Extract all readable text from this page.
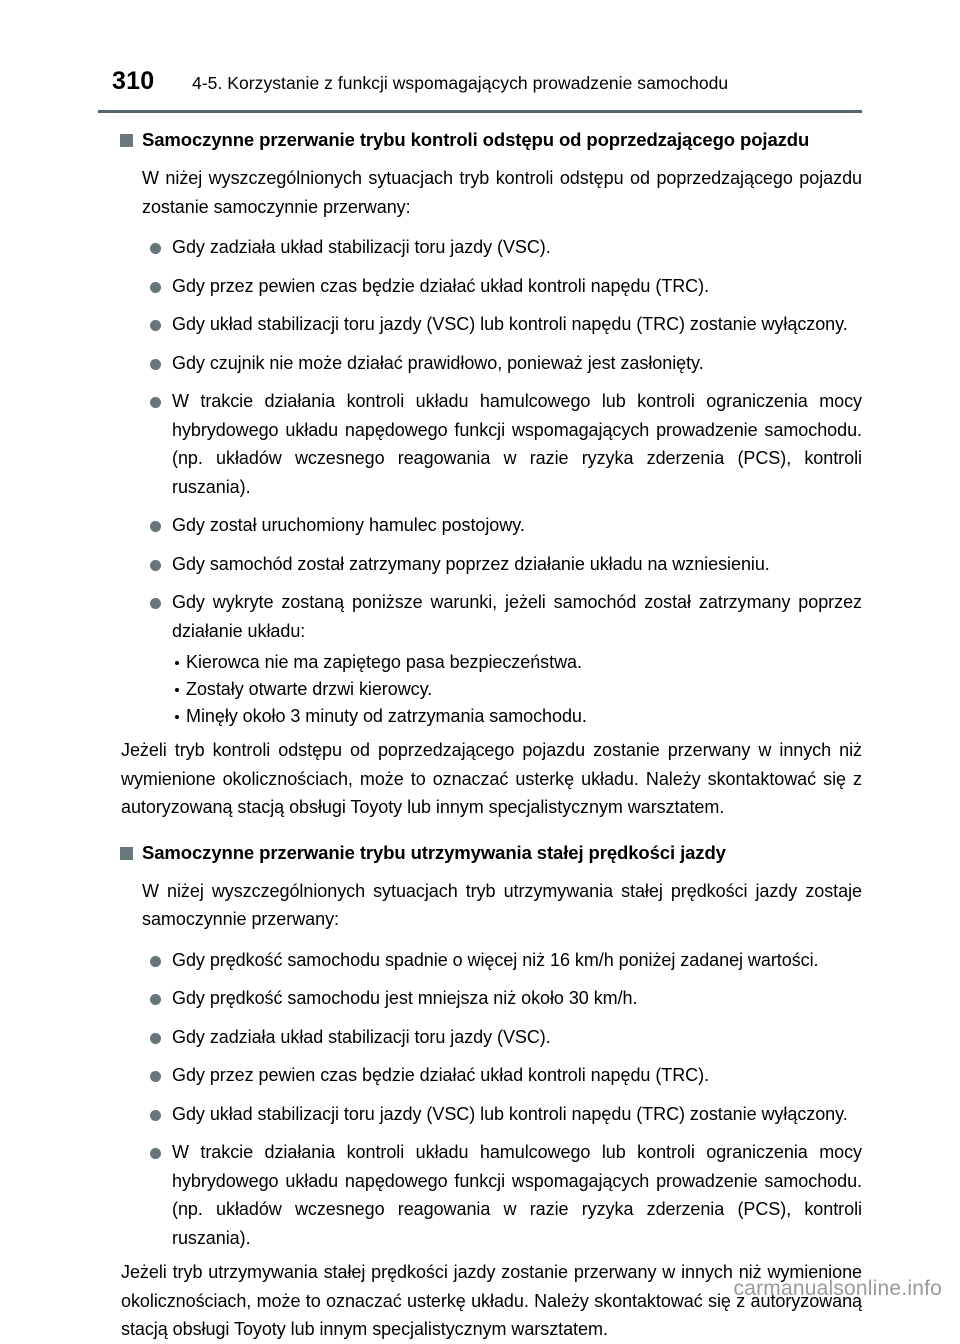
310 4-5. Korzystanie z funkcji wspomagających prowadzenie samochodu
Samoczynne przerwanie trybu kontroli odstępu od poprzedzającego pojazdu
W niżej wyszczególnionych sytuacjach tryb kontroli odstępu od poprzedzającego pojazdu zostanie samoczynnie przerwany:
Gdy zadziała układ stabilizacji toru jazdy (VSC).
Gdy przez pewien czas będzie działać układ kontroli napędu (TRC).
Gdy układ stabilizacji toru jazdy (VSC) lub kontroli napędu (TRC) zostanie wyłączony.
Gdy czujnik nie może działać prawidłowo, ponieważ jest zasłonięty.
W trakcie działania kontroli układu hamulcowego lub kontroli ograniczenia mocy hybrydowego układu napędowego funkcji wspomagających prowadzenie samochodu. (np. układów wczesnego reagowania w razie ryzyka zderzenia (PCS), kontroli ruszania).
Gdy został uruchomiony hamulec postojowy.
Gdy samochód został zatrzymany poprzez działanie układu na wzniesieniu.
Gdy wykryte zostaną poniższe warunki, jeżeli samochód został zatrzymany poprzez działanie układu:
Kierowca nie ma zapiętego pasa bezpieczeństwa.
Zostały otwarte drzwi kierowcy.
Minęły około 3 minuty od zatrzymania samochodu.
Jeżeli tryb kontroli odstępu od poprzedzającego pojazdu zostanie przerwany w innych niż wymienione okolicznościach, może to oznaczać usterkę układu. Należy skontaktować się z autoryzowaną stacją obsługi Toyoty lub innym specjalistycznym warsztatem.
Samoczynne przerwanie trybu utrzymywania stałej prędkości jazdy
W niżej wyszczególnionych sytuacjach tryb utrzymywania stałej prędkości jazdy zostaje samoczynnie przerwany:
Gdy prędkość samochodu spadnie o więcej niż 16 km/h poniżej zadanej wartości.
Gdy prędkość samochodu jest mniejsza niż około 30 km/h.
Gdy zadziała układ stabilizacji toru jazdy (VSC).
Gdy przez pewien czas będzie działać układ kontroli napędu (TRC).
Gdy układ stabilizacji toru jazdy (VSC) lub kontroli napędu (TRC) zostanie wyłączony.
W trakcie działania kontroli układu hamulcowego lub kontroli ograniczenia mocy hybrydowego układu napędowego funkcji wspomagających prowadzenie samochodu. (np. układów wczesnego reagowania w razie ryzyka zderzenia (PCS), kontroli ruszania).
Jeżeli tryb utrzymywania stałej prędkości jazdy zostanie przerwany w innych niż wymienione okolicznościach, może to oznaczać usterkę układu. Należy skontaktować się z autoryzowaną stacją obsługi Toyoty lub innym specjalistycznym warsztatem.
carmanualsonline.info
